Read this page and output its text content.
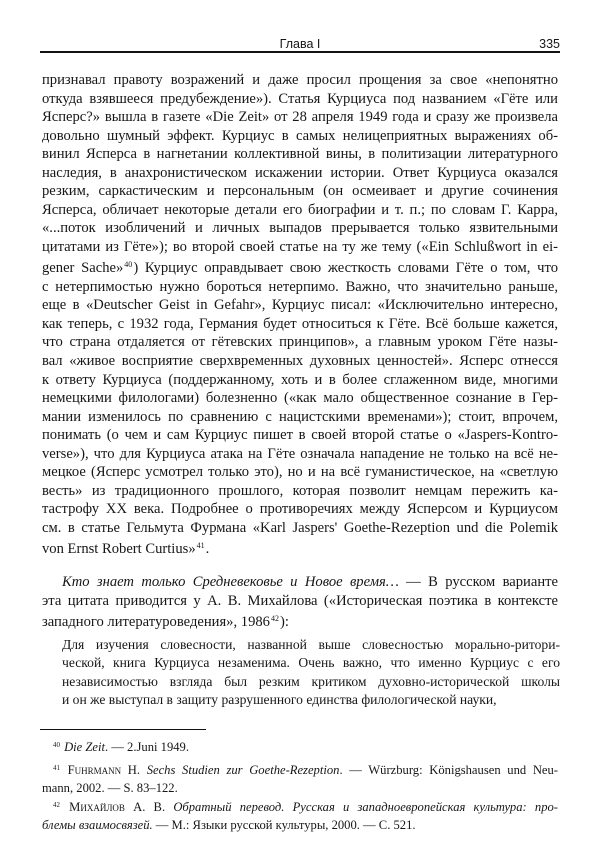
Глава I	335
признавал правоту возражений и даже просил прощения за свое «непонятно
откуда взявшееся предубеждение»). Статья Курциуса под названием «Гёте или
Ясперс?» вышла в газете «Die Zeit» от 28 апреля 1949 года и сразу же произвела
довольно шумный эффект. Курциус в самых нелицеприятных выражениях об-
винил Ясперса в нагнетании коллективной вины, в политизации литературного
наследия, в анахронистическом искажении истории. Ответ Курциуса оказался
резким, саркастическим и персональным (он осмеивает и другие сочинения
Ясперса, обличает некоторые детали его биографии и т. п.; по словам Г. Карра,
«...поток изобличений и личных выпадов прерывается только язвительными
цитатами из Гёте»); во второй своей статье на ту же тему («Ein Schlußwort in ei-
gener Sache»$^{40}$) Курциус оправдывает свою жесткость словами Гёте о том, что
с нетерпимостью нужно бороться нетерпимо. Важно, что значительно раньше,
еще в «Deutscher Geist in Gefahr», Курциус писал: «Исключительно интересно,
как теперь, с 1932 года, Германия будет относиться к Гёте. Всё больше кажется,
что страна отдаляется от гётевских принципов», а главным уроком Гёте назы-
вал «живое восприятие сверхвременных духовных ценностей». Ясперс отнесся
к ответу Курциуса (поддержанному, хоть и в более сглаженном виде, многими
немецкими филологами) болезненно («как мало общественное сознание в Гер-
мании изменилось по сравнению с нацистскими временами»); стоит, впрочем,
понимать (о чем и сам Курциус пишет в своей второй статье о «Jaspers-Kontro-
verse»), что для Курциуса атака на Гёте означала нападение не только на всё не-
мецкое (Ясперс усмотрел только это), но и на всё гуманистическое, на «светлую
весть» из традиционного прошлого, которая позволит немцам пережить ка-
тастрофу XX века. Подробнее о противоречиях между Ясперсом и Курциусом
см. в статье Гельмута Фурмана «Karl Jaspers' Goethe-Rezeption und die Polemik
von Ernst Robert Curtius»$^{41}$.
Кто знает только Средневековье и Новое время… — В русском варианте
эта цитата приводится у А. В. Михайлова («Историческая поэтика в контексте
западного литературоведения», 1986$^{42}$):
Для изучения словесности, названной выше словесностью морально-ритори-
ческой, книга Курциуса незаменима. Очень важно, что именно Курциус с его
независимостью взгляда был резким критиком духовно-исторической школы
и он же выступал в защиту разрушенного единства филологической науки,
$^{40}$ Die Zeit. — 2.Juni 1949.
$^{41}$ Fuhrmann H. Sechs Studien zur Goethe-Rezeption. — Würzburg: Königshausen und Neu-
mann, 2002. — S. 83–122.
$^{42}$ Михайлов А. В. Обратный перевод. Русская и западноевропейская культура: про-
блемы взаимосвязей. — М.: Языки русской культуры, 2000. — С. 521.
